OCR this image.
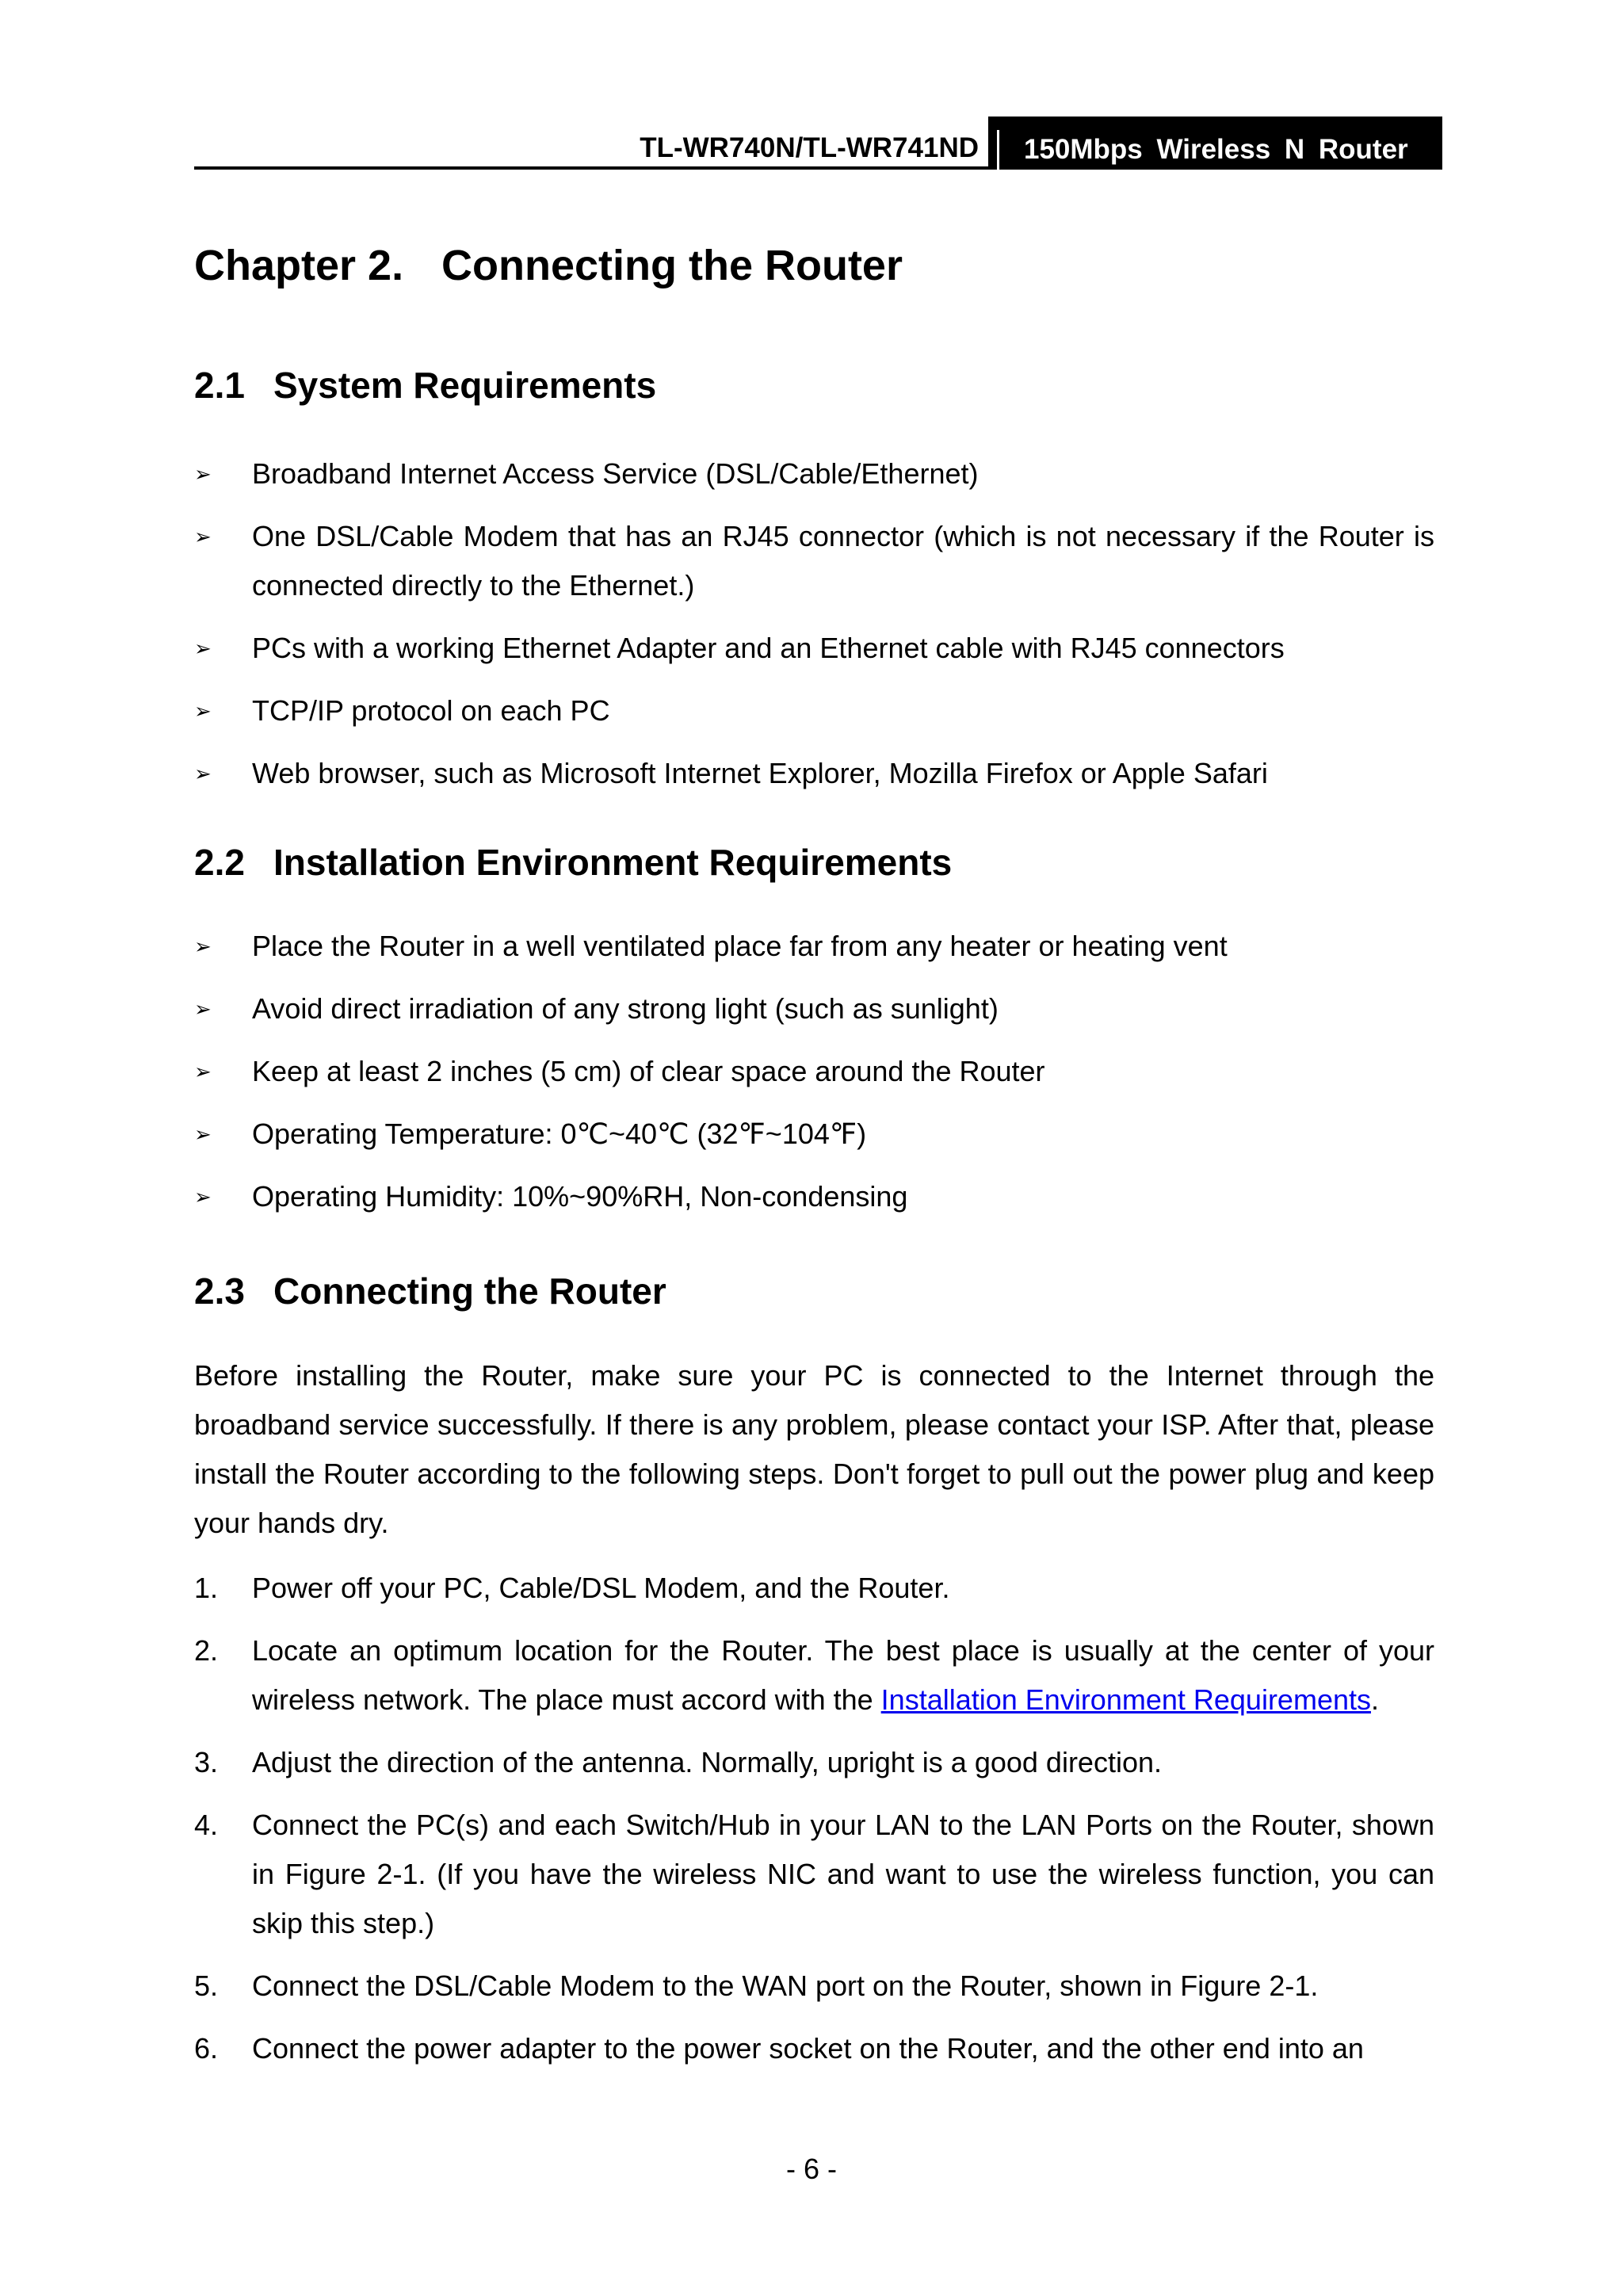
TL-WR740N/TL-WR741ND 150Mbps Wireless N Router
Chapter 2. Connecting the Router
2.1 System Requirements
➢	Broadband Internet Access Service (DSL/Cable/Ethernet)
➢	One DSL/Cable Modem that has an RJ45 connector (which is not necessary if the Router is connected directly to the Ethernet.)
➢	PCs with a working Ethernet Adapter and an Ethernet cable with RJ45 connectors
➢	TCP/IP protocol on each PC
➢	Web browser, such as Microsoft Internet Explorer, Mozilla Firefox or Apple Safari
2.2 Installation Environment Requirements
➢	Place the Router in a well ventilated place far from any heater or heating vent
➢	Avoid direct irradiation of any strong light (such as sunlight)
➢	Keep at least 2 inches (5 cm) of clear space around the Router
➢	Operating Temperature: 0℃~40℃ (32℉~104℉)
➢	Operating Humidity: 10%~90%RH, Non-condensing
2.3 Connecting the Router

Before installing the Router, make sure your PC is connected to the Internet through the broadband service successfully. If there is any problem, please contact your ISP. After that, please install the Router according to the following steps. Don't forget to pull out the power plug and keep your hands dry.

1. Power off your PC, Cable/DSL Modem, and the Router.
2. Locate an optimum location for the Router. The best place is usually at the center of your wireless network. The place must accord with the Installation Environment Requirements.
3. Adjust the direction of the antenna. Normally, upright is a good direction.
4. Connect the PC(s) and each Switch/Hub in your LAN to the LAN Ports on the Router, shown in Figure 2-1. (If you have the wireless NIC and want to use the wireless function, you can skip this step.)
5. Connect the DSL/Cable Modem to the WAN port on the Router, shown in Figure 2-1.
6. Connect the power adapter to the power socket on the Router, and the other end into an
- 6 -
